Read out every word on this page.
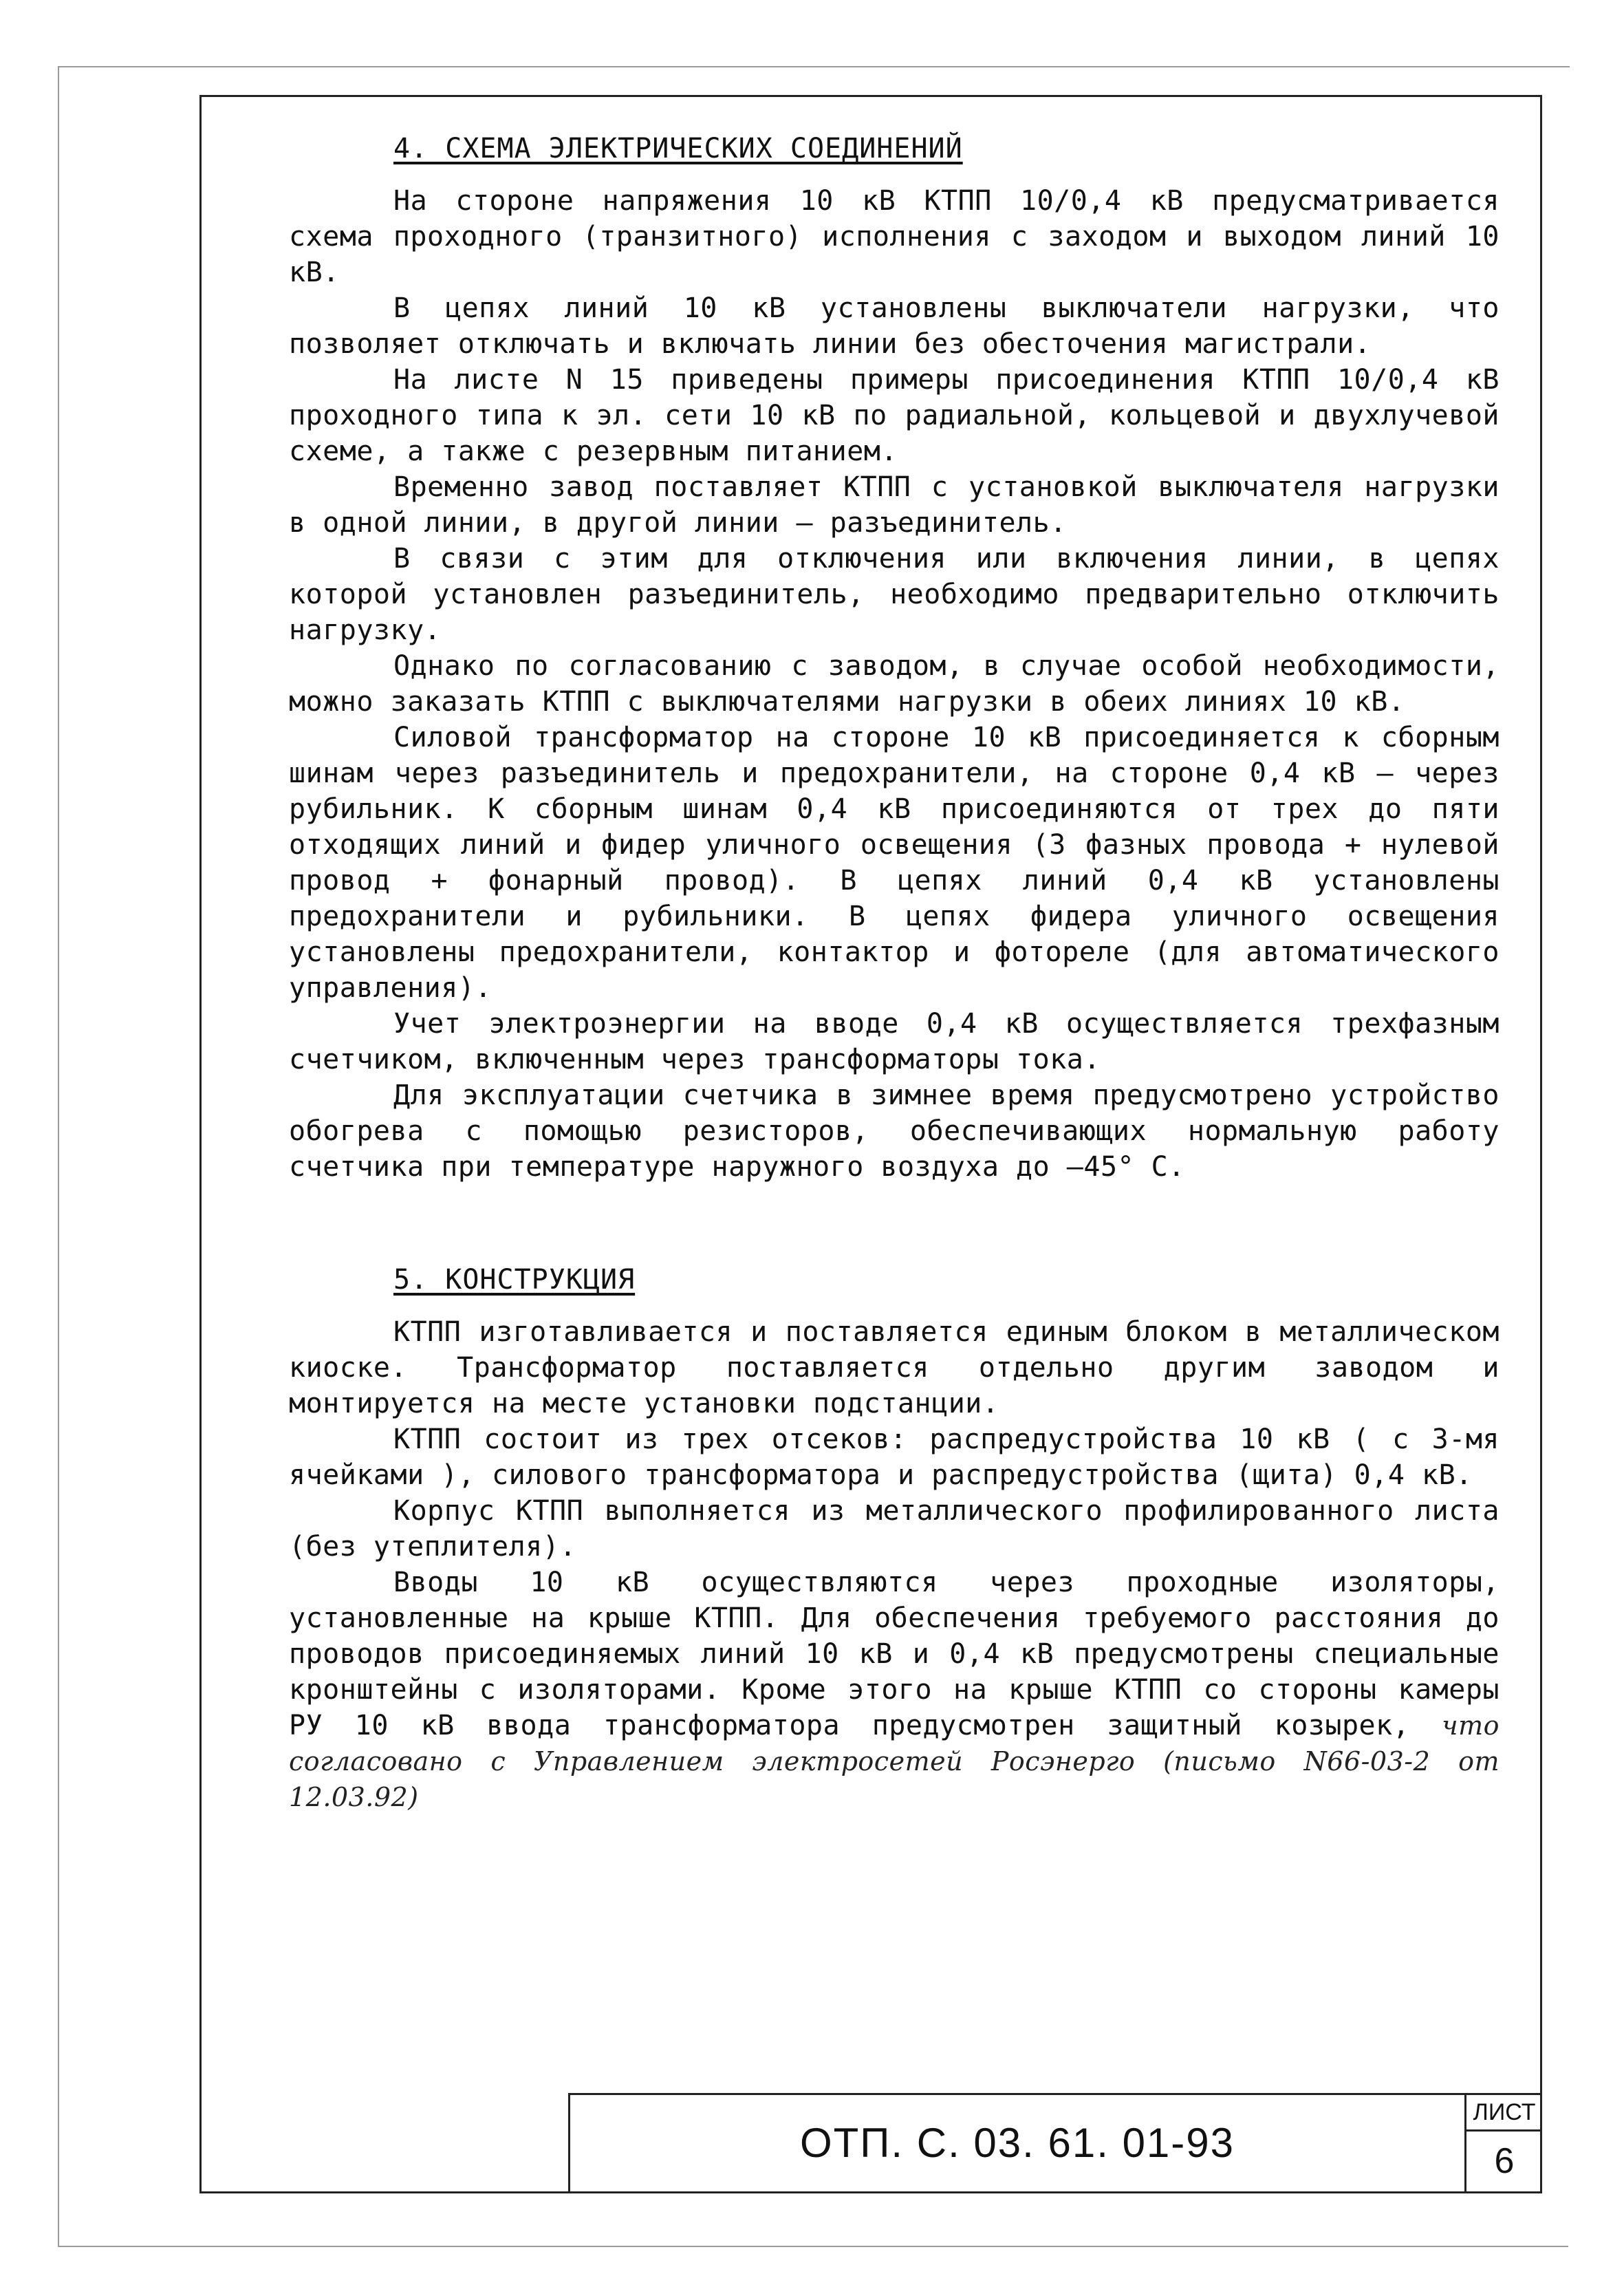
4. СХЕМА ЭЛЕКТРИЧЕСКИХ СОЕДИНЕНИЙ

На стороне напряжения 10 кВ КТПП 10/0,4 кВ предусматривается схема проходного (транзитного) исполнения с заходом и выходом линий 10 кВ.

В цепях линий 10 кВ установлены выключатели нагрузки, что позволяет отключать и включать линии без обесточения магистрали.

На листе N 15 приведены примеры присоединения КТПП 10/0,4 кВ проходного типа к эл. сети 10 кВ по радиальной, кольцевой и двухлучевой схеме, а также с резервным питанием.

Временно завод поставляет КТПП с установкой выключателя нагрузки в одной линии, в другой линии – разъединитель.

В связи с этим для отключения или включения линии, в цепях которой установлен разъединитель, необходимо предварительно отключить нагрузку.

Однако по согласованию с заводом, в случае особой необходимости, можно заказать КТПП с выключателями нагрузки в обеих линиях 10 кВ.

Силовой трансформатор на стороне 10 кВ присоединяется к сборным шинам через разъединитель и предохранители, на стороне 0,4 кВ – через рубильник. К сборным шинам 0,4 кВ присоединяются от трех до пяти отходящих линий и фидер уличного освещения (3 фазных провода + нулевой провод + фонарный провод). В цепях линий 0,4 кВ установлены предохранители и рубильники. В цепях фидера уличного освещения установлены предохранители, контактор и фотореле (для автоматического управления).

Учет электроэнергии на вводе 0,4 кВ осуществляется трехфазным счетчиком, включенным через трансформаторы тока.

Для эксплуатации счетчика в зимнее время предусмотрено устройство обогрева с помощью резисторов, обеспечивающих нормальную работу счетчика при температуре наружного воздуха до –45° С.

5. КОНСТРУКЦИЯ

КТПП изготавливается и поставляется единым блоком в металлическом киоске. Трансформатор поставляется отдельно другим заводом и монтируется на месте установки подстанции.

КТПП состоит из трех отсеков: распредустройства 10 кВ ( с 3-мя ячейками ), силового трансформатора и распредустройства (щита) 0,4 кВ.

Корпус КТПП выполняется из металлического профилированного листа (без утеплителя).

Вводы 10 кВ осуществляются через проходные изоляторы, установленные на крыше КТПП. Для обеспечения требуемого расстояния до проводов присоединяемых линий 10 кВ и 0,4 кВ предусмотрены специальные кронштейны с изоляторами. Кроме этого на крыше КТПП со стороны камеры РУ 10 кВ ввода трансформатора предусмотрен защитный козырек, что согласовано с Управлением электросетей Росэнерго (письмо N66-03-2 от 12.03.92)

ОТП. С. 03. 61. 01-93
ЛИСТ
6
